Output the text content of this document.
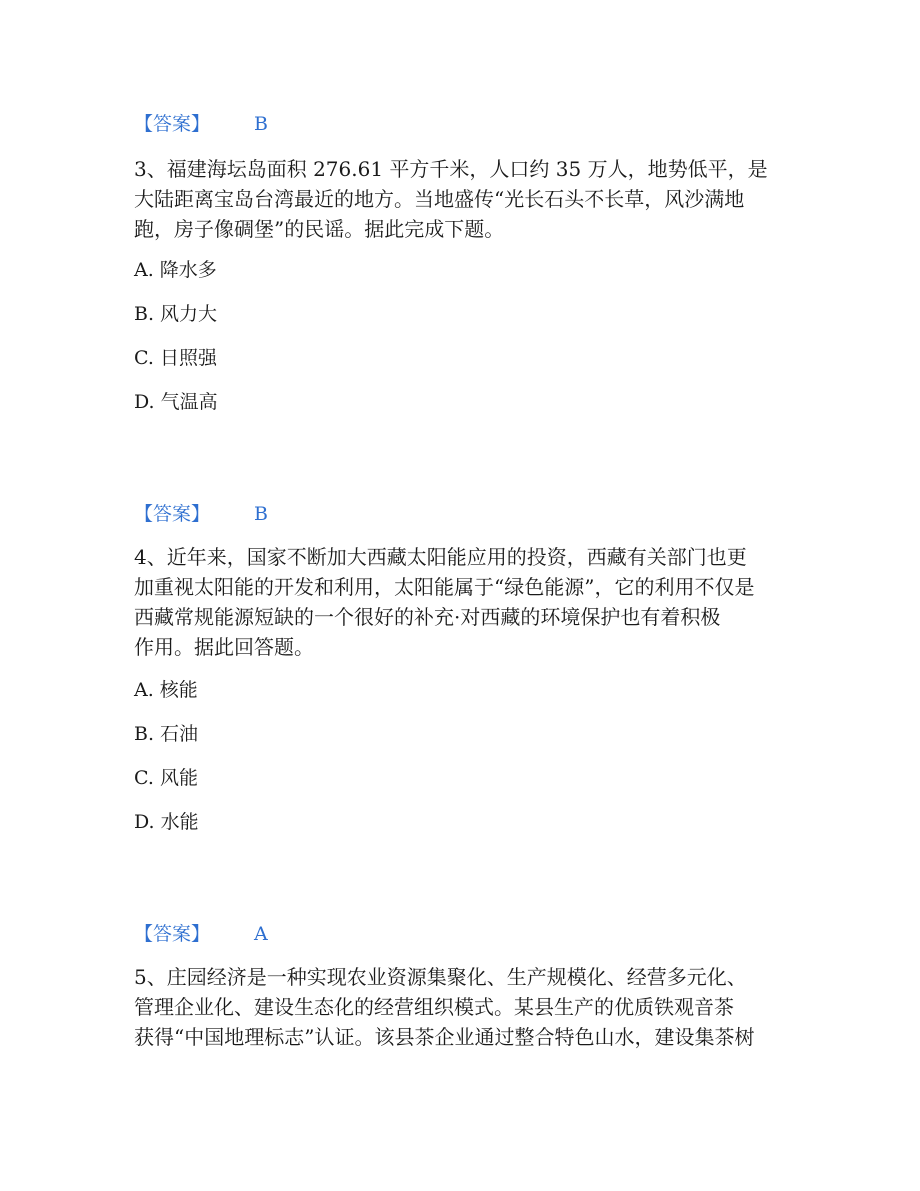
【答案】 B
3、福建海坛岛面积 276.61 平方千米，人口约 35 万人，地势低平，是
大陆距离宝岛台湾最近的地方。当地盛传“光长石头不长草，风沙满地
跑，房子像碉堡”的民谣。据此完成下题。
A. 降水多
B. 风力大
C. 日照强
D. 气温高
【答案】 B
4、近年来，国家不断加大西藏太阳能应用的投资，西藏有关部门也更
加重视太阳能的开发和利用，太阳能属于“绿色能源”，它的利用不仅是
西藏常规能源短缺的一个很好的补充·对西藏的环境保护也有着积极
作用。据此回答题。
A. 核能
B. 石油
C. 风能
D. 水能
【答案】 A
5、庄园经济是一种实现农业资源集聚化、生产规模化、经营多元化、
管理企业化、建设生态化的经营组织模式。某县生产的优质铁观音茶
获得“中国地理标志”认证。该县茶企业通过整合特色山水，建设集茶树
